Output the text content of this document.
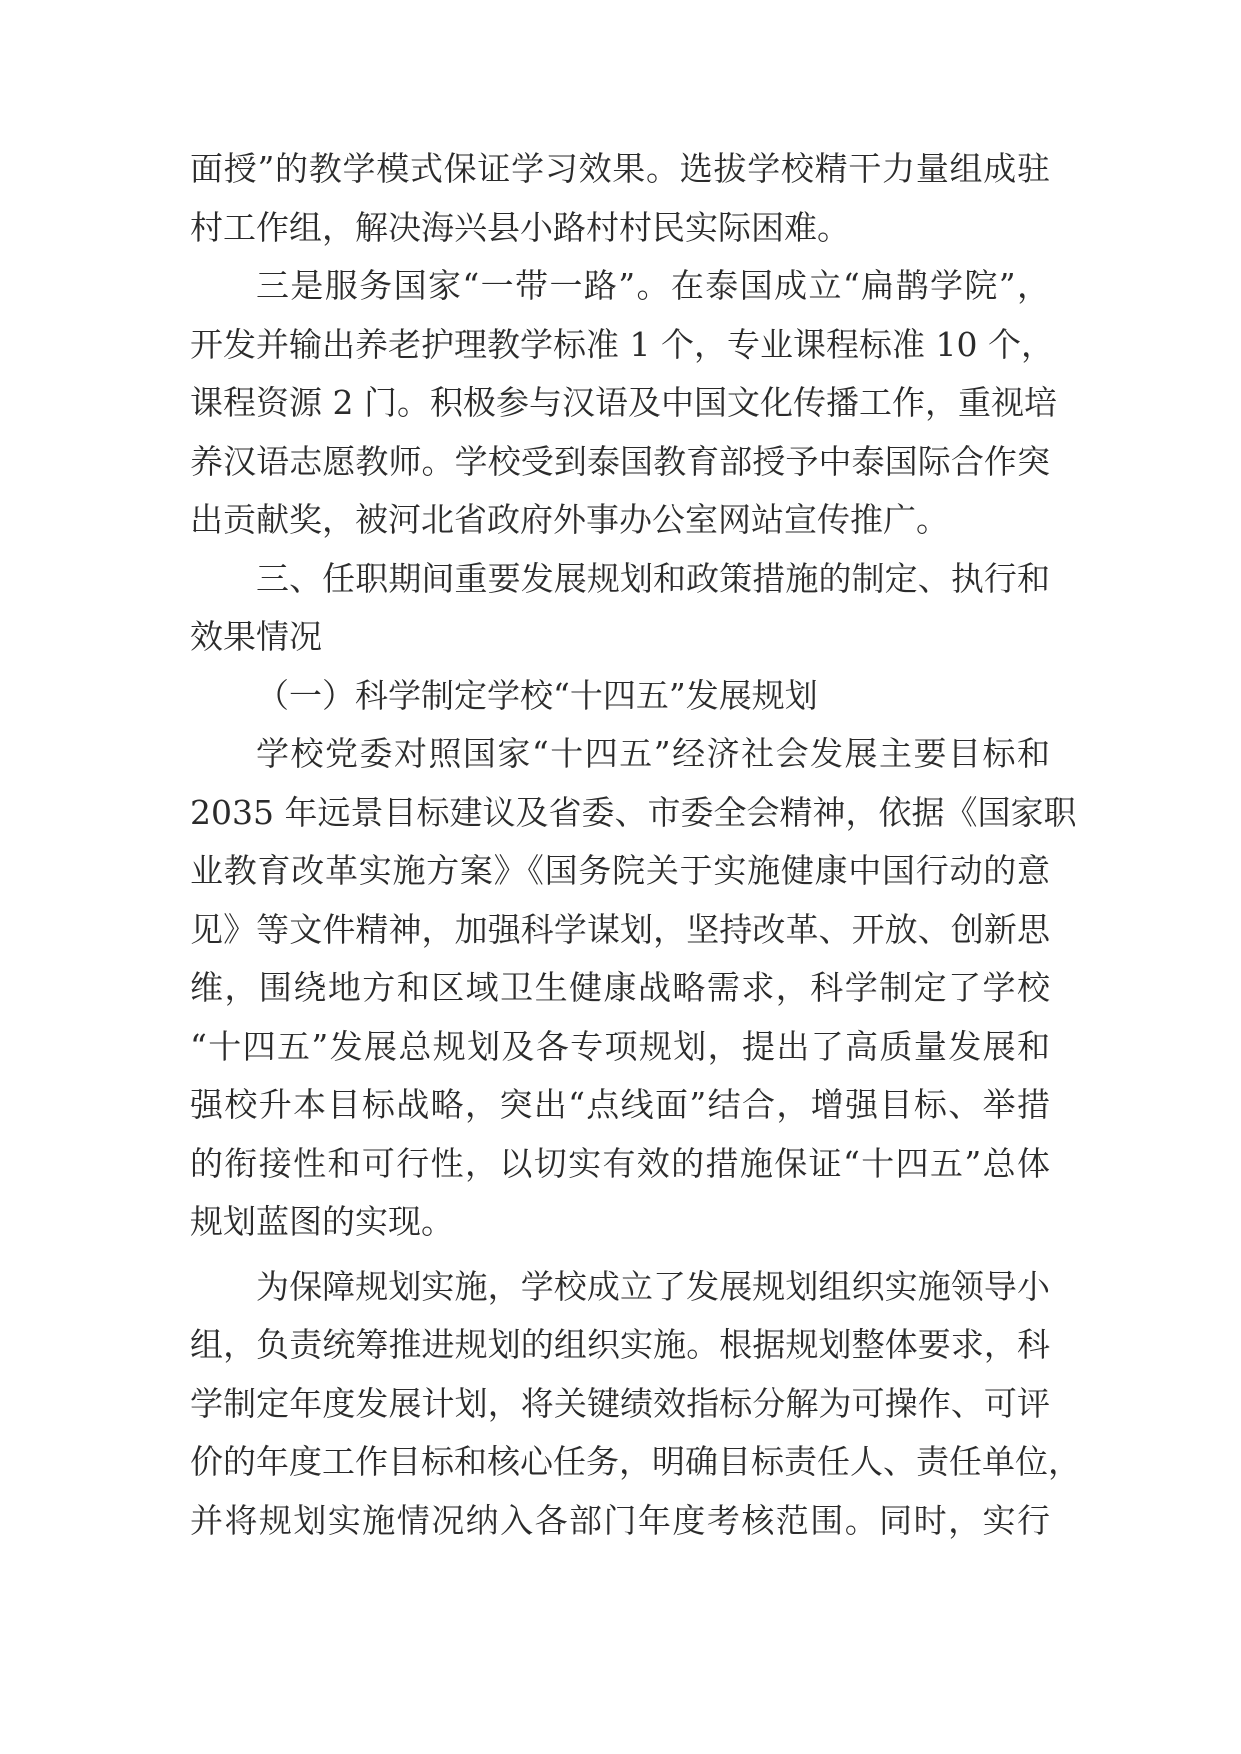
面授”的教学模式保证学习效果。选拔学校精干力量组成驻
村工作组，解决海兴县小路村村民实际困难。
三是服务国家“一带一路”。在泰国成立“扁鹊学院”，
开发并输出养老护理教学标准 1 个，专业课程标准 10 个，
课程资源 2 门。积极参与汉语及中国文化传播工作，重视培
养汉语志愿教师。学校受到泰国教育部授予中泰国际合作突
出贡献奖，被河北省政府外事办公室网站宣传推广。
三、任职期间重要发展规划和政策措施的制定、执行和
效果情况
（一）科学制定学校“十四五”发展规划
学校党委对照国家“十四五”经济社会发展主要目标和
2035 年远景目标建议及省委、市委全会精神，依据《国家职
业教育改革实施方案》《国务院关于实施健康中国行动的意
见》等文件精神，加强科学谋划，坚持改革、开放、创新思
维，围绕地方和区域卫生健康战略需求，科学制定了学校
“十四五”发展总规划及各专项规划，提出了高质量发展和
强校升本目标战略，突出“点线面”结合，增强目标、举措
的衔接性和可行性，以切实有效的措施保证“十四五”总体
规划蓝图的实现。
为保障规划实施，学校成立了发展规划组织实施领导小
组，负责统筹推进规划的组织实施。根据规划整体要求，科
学制定年度发展计划，将关键绩效指标分解为可操作、可评
价的年度工作目标和核心任务，明确目标责任人、责任单位，
并将规划实施情况纳入各部门年度考核范围。同时，实行
